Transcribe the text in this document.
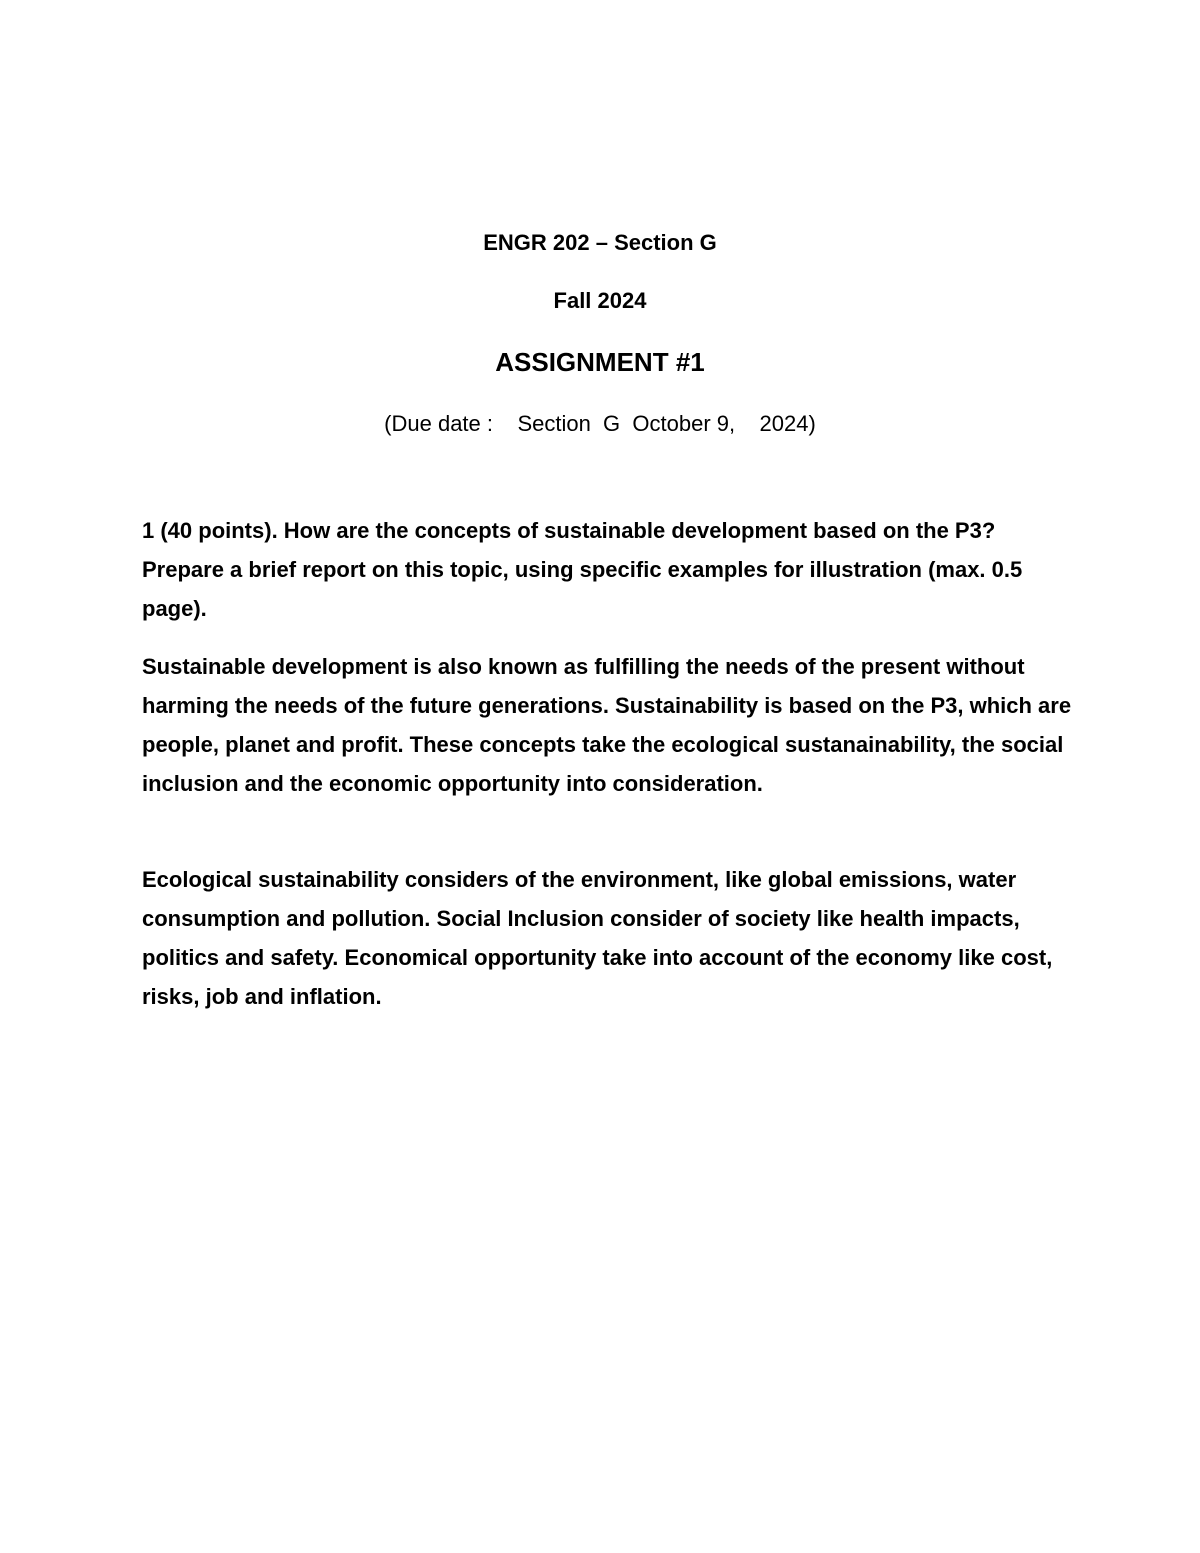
ENGR 202 – Section G
Fall 2024
ASSIGNMENT #1
(Due date :    Section  G  October 9,    2024)

1 (40 points). How are the concepts of sustainable development based on the P3? Prepare a brief report on this topic, using specific examples for illustration (max. 0.5 page).

Sustainable development is also known as fulfilling the needs of the present without harming the needs of the future generations. Sustainability is based on the P3, which are people, planet and profit. These concepts take the ecological sustanainability, the social inclusion and the economic opportunity into consideration.

Ecological sustainability considers of the environment, like global emissions, water consumption and pollution. Social Inclusion consider of society like health impacts, politics and safety. Economical opportunity take into account of the economy like cost, risks, job and inflation.
